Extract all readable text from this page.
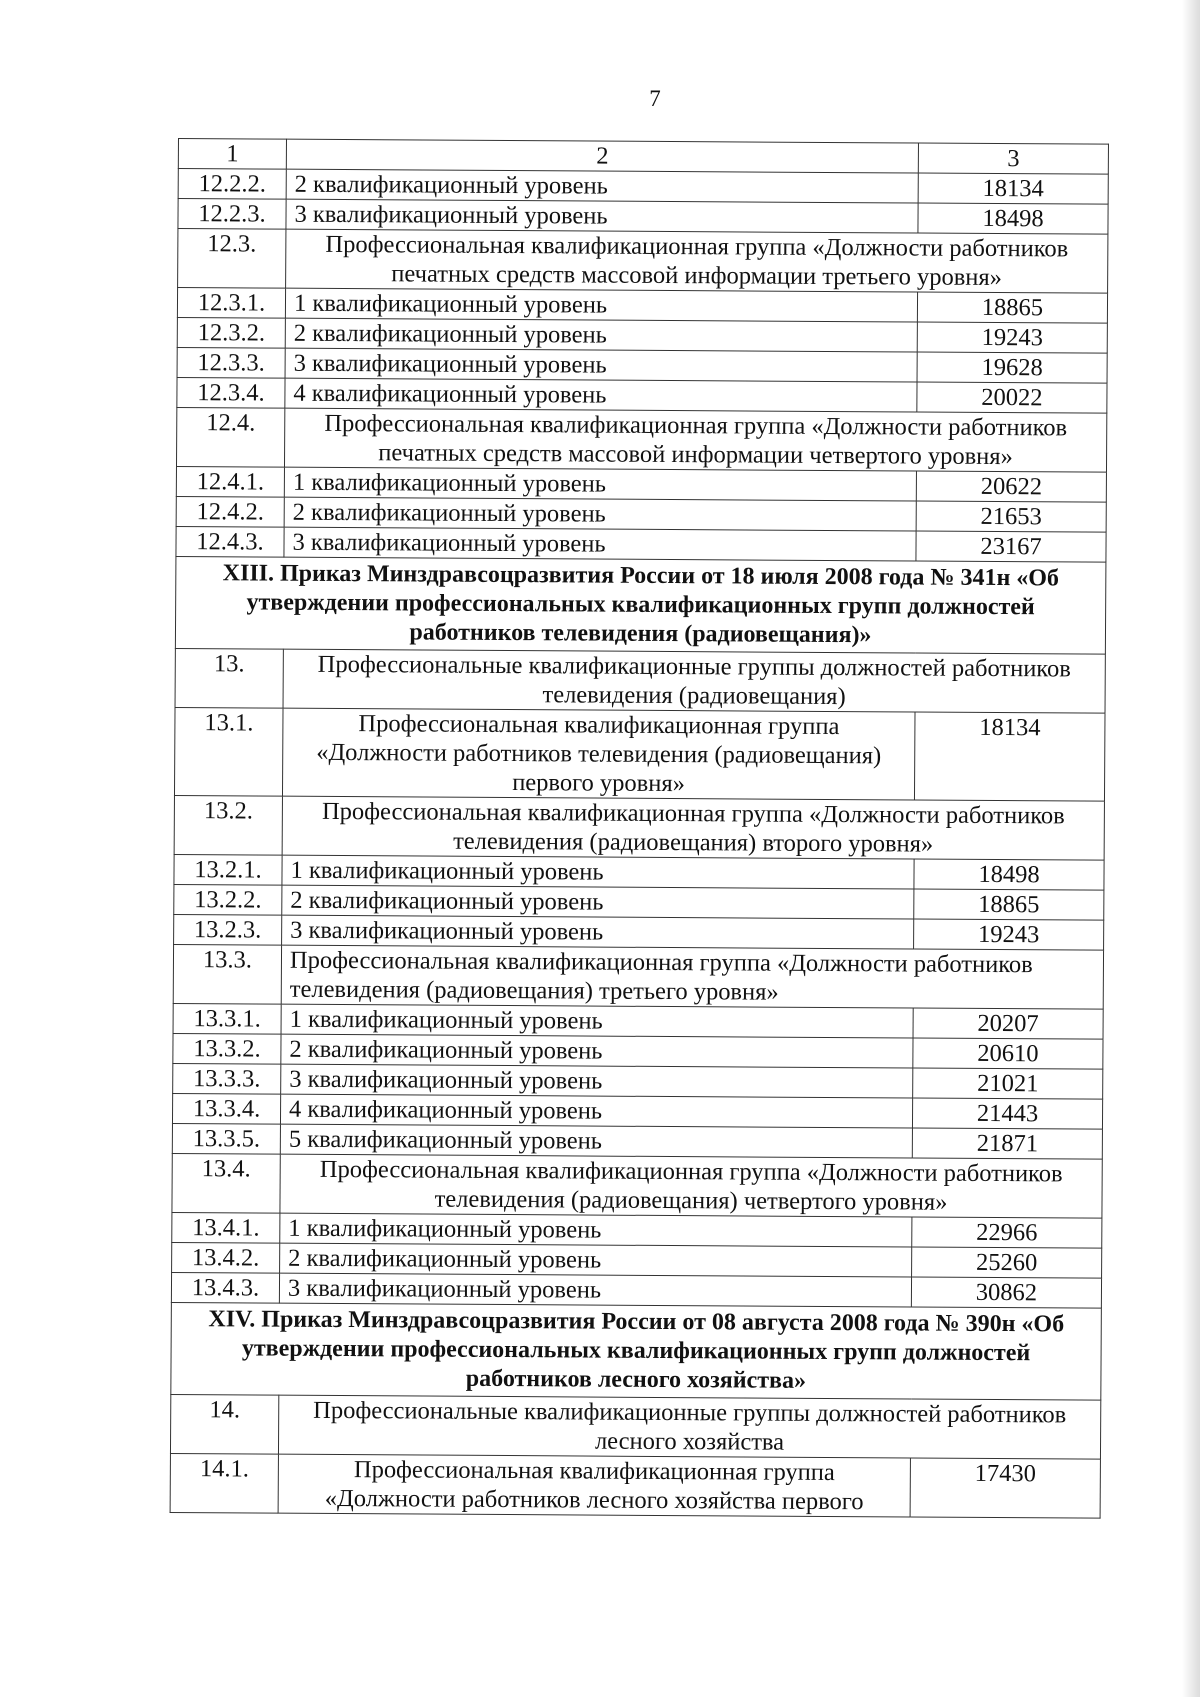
7
1	2	3
12.2.2.	2 квалификационный уровень	18134
12.2.3.	3 квалификационный уровень	18498
12.3.	Профессиональная квалификационная группа «Должности работников печатных средств массовой информации третьего уровня»	
12.3.1.	1 квалификационный уровень	18865
12.3.2.	2 квалификационный уровень	19243
12.3.3.	3 квалификационный уровень	19628
12.3.4.	4 квалификационный уровень	20022
12.4.	Профессиональная квалификационная группа «Должности работников печатных средств массовой информации четвертого уровня»	
12.4.1.	1 квалификационный уровень	20622
12.4.2.	2 квалификационный уровень	21653
12.4.3.	3 квалификационный уровень	23167
XIII. Приказ Минздравсоцразвития России от 18 июля 2008 года № 341н «Об утверждении профессиональных квалификационных групп должностей работников телевидения (радиовещания)»		
13.	Профессиональные квалификационные группы должностей работников телевидения (радиовещания)	
13.1.	Профессиональная квалификационная группа «Должности работников телевидения (радиовещания) первого уровня»	18134
13.2.	Профессиональная квалификационная группа «Должности работников телевидения (радиовещания) второго уровня»	
13.2.1.	1 квалификационный уровень	18498
13.2.2.	2 квалификационный уровень	18865
13.2.3.	3 квалификационный уровень	19243
13.3.	Профессиональная квалификационная группа «Должности работников телевидения (радиовещания) третьего уровня»	
13.3.1.	1 квалификационный уровень	20207
13.3.2.	2 квалификационный уровень	20610
13.3.3.	3 квалификационный уровень	21021
13.3.4.	4 квалификационный уровень	21443
13.3.5.	5 квалификационный уровень	21871
13.4.	Профессиональная квалификационная группа «Должности работников телевидения (радиовещания) четвертого уровня»	
13.4.1.	1 квалификационный уровень	22966
13.4.2.	2 квалификационный уровень	25260
13.4.3.	3 квалификационный уровень	30862
XIV. Приказ Минздравсоцразвития России от 08 августа 2008 года № 390н «Об утверждении профессиональных квалификационных групп должностей работников лесного хозяйства»		
14.	Профессиональные квалификационные группы должностей работников лесного хозяйства	
14.1.	Профессиональная квалификационная группа «Должности работников лесного хозяйства первого	17430
